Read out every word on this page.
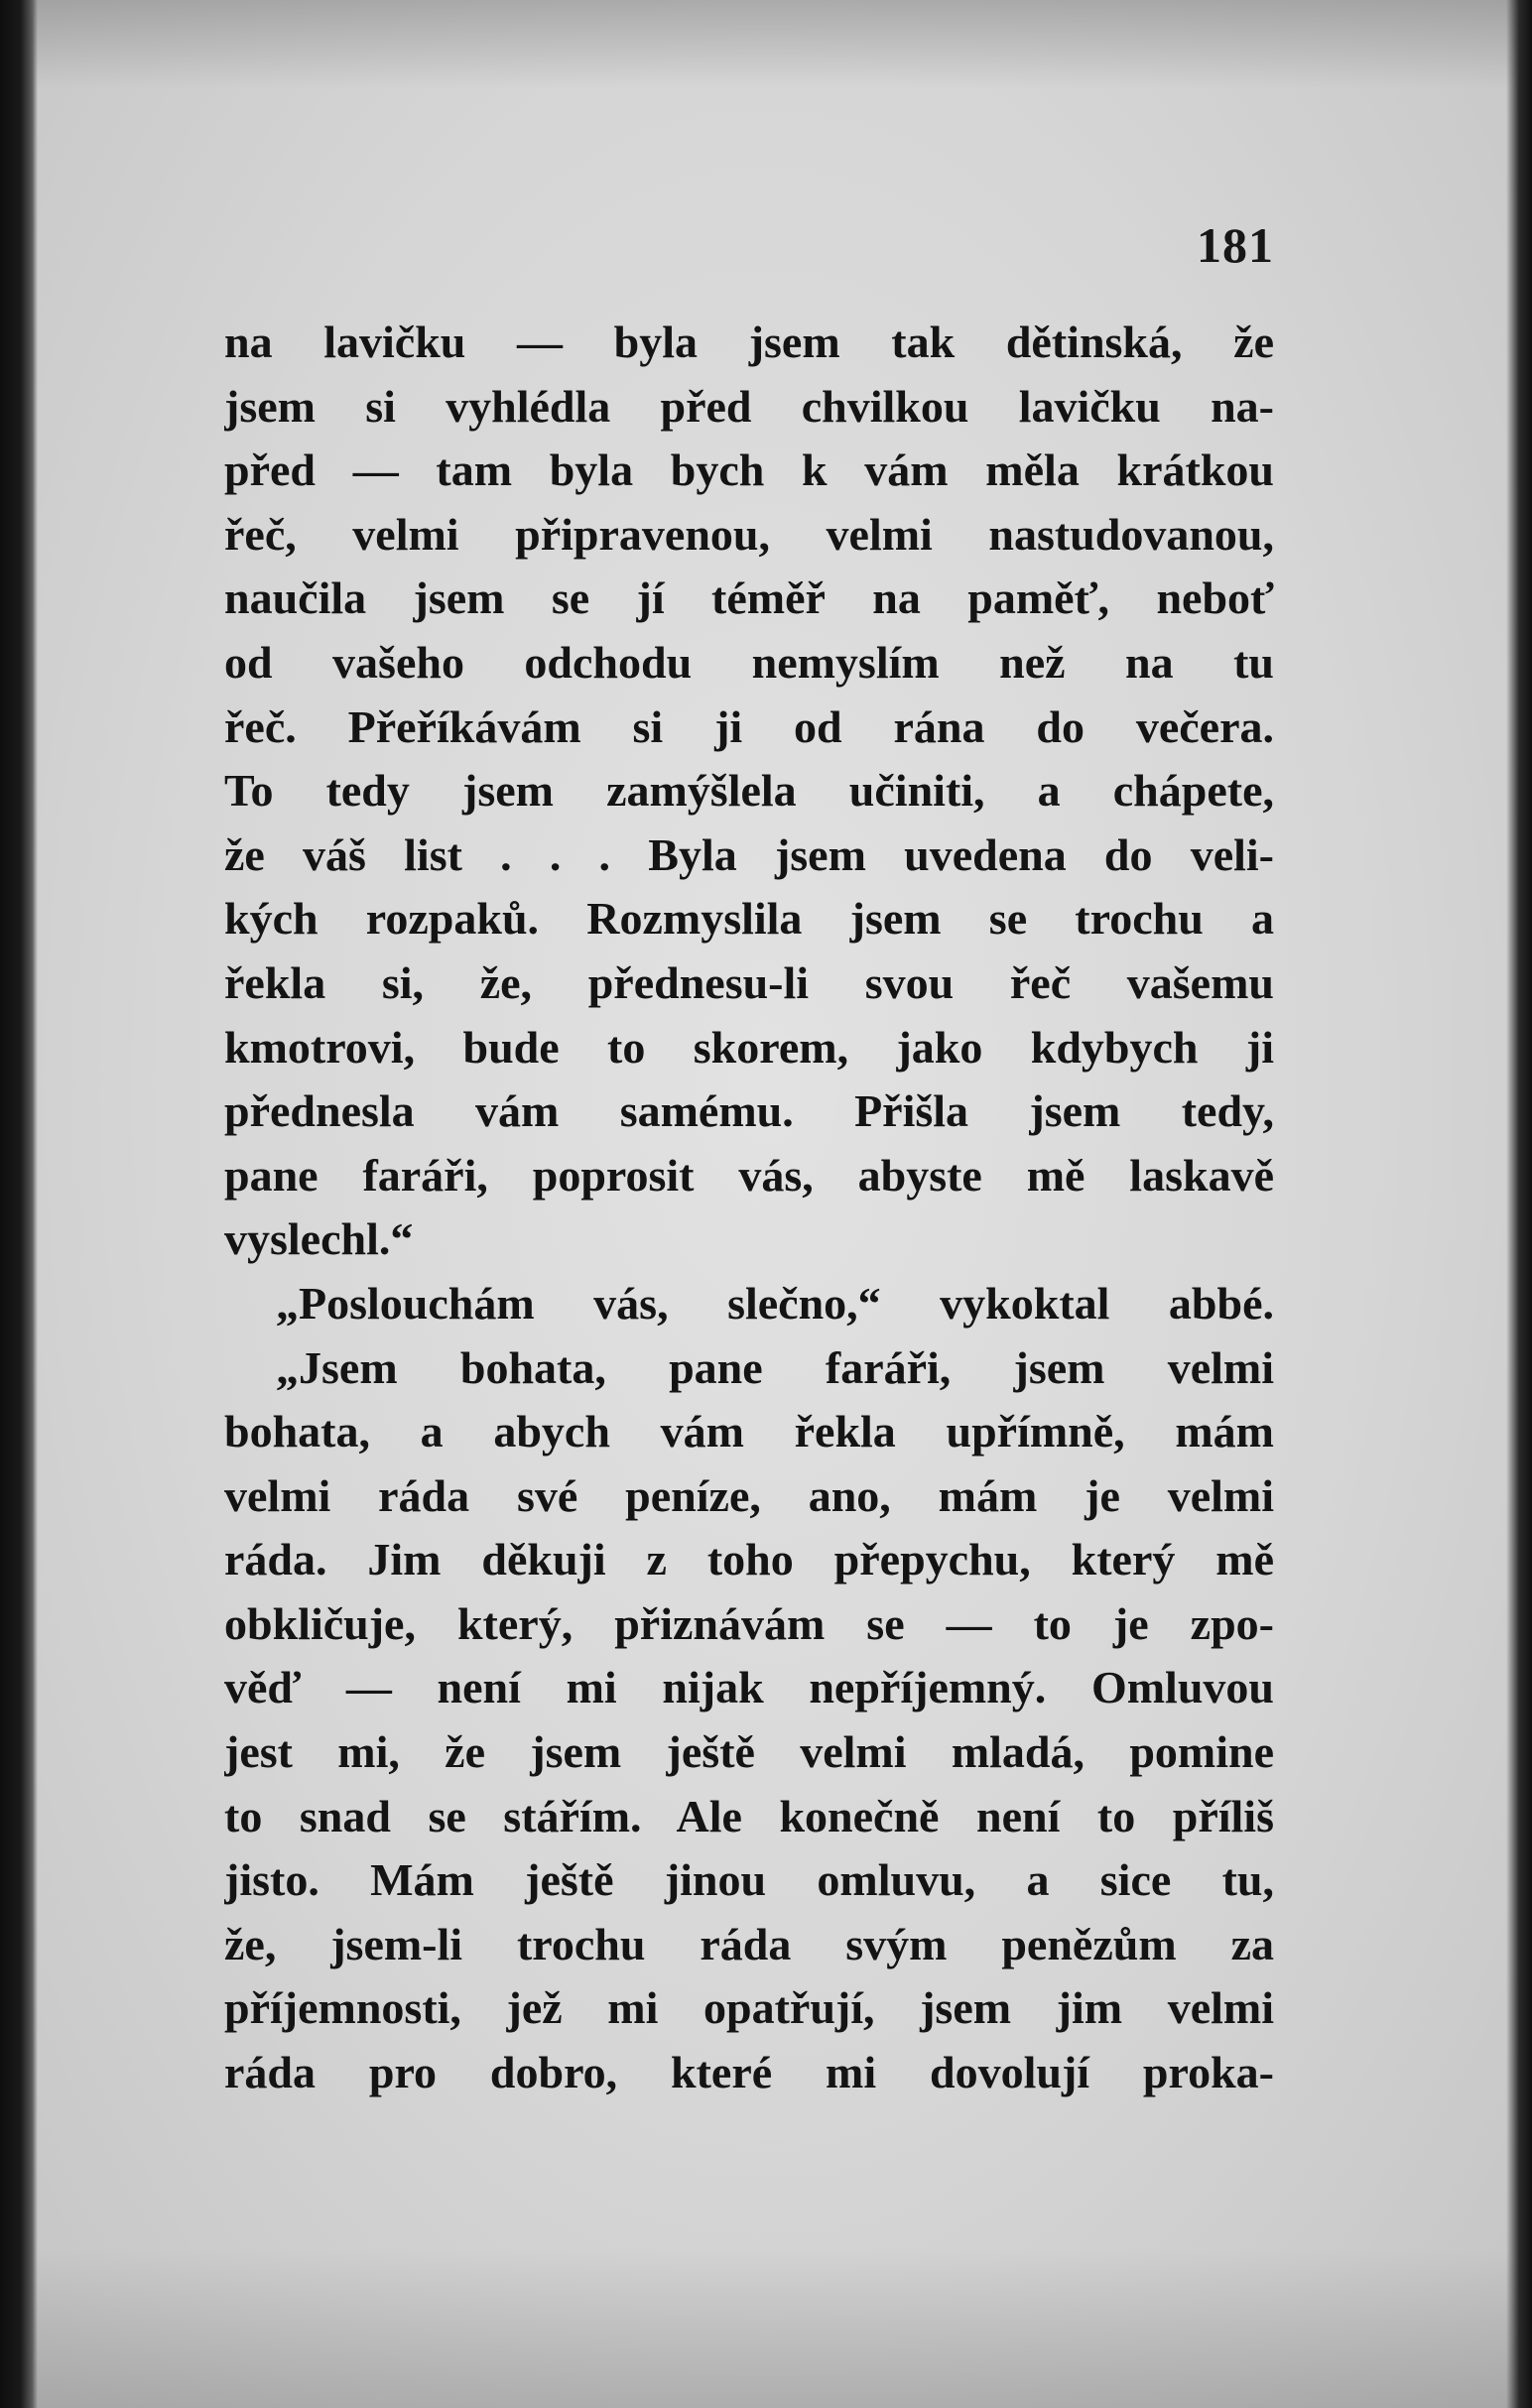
181
na lavičku — byla jsem tak dětinská, že
jsem si vyhlédla před chvilkou lavičku na-
před — tam byla bych k vám měla krátkou
řeč, velmi připravenou, velmi nastudovanou,
naučila jsem se jí téměř na paměť, neboť
od vašeho odchodu nemyslím než na tu
řeč. Přeříkávám si ji od rána do večera.
To tedy jsem zamýšlela učiniti, a chápete,
že váš list . . . Byla jsem uvedena do veli-
kých rozpaků. Rozmyslila jsem se trochu a
řekla si, že, přednesu-li svou řeč vašemu
kmotrovi, bude to skorem, jako kdybych ji
přednesla vám samému. Přišla jsem tedy,
pane faráři, poprosit vás, abyste mě laskavě
vyslechl.“
„Poslouchám vás, slečno,“ vykoktal abbé.
„Jsem bohata, pane faráři, jsem velmi
bohata, a abych vám řekla upřímně, mám
velmi ráda své peníze, ano, mám je velmi
ráda. Jim děkuji z toho přepychu, který mě
obkličuje, který, přiznávám se — to je zpo-
věď — není mi nijak nepříjemný. Omluvou
jest mi, že jsem ještě velmi mladá, pomine
to snad se stářím. Ale konečně není to příliš
jisto. Mám ještě jinou omluvu, a sice tu,
že, jsem-li trochu ráda svým penězům za
příjemnosti, jež mi opatřují, jsem jim velmi
ráda pro dobro, které mi dovolují proka-
